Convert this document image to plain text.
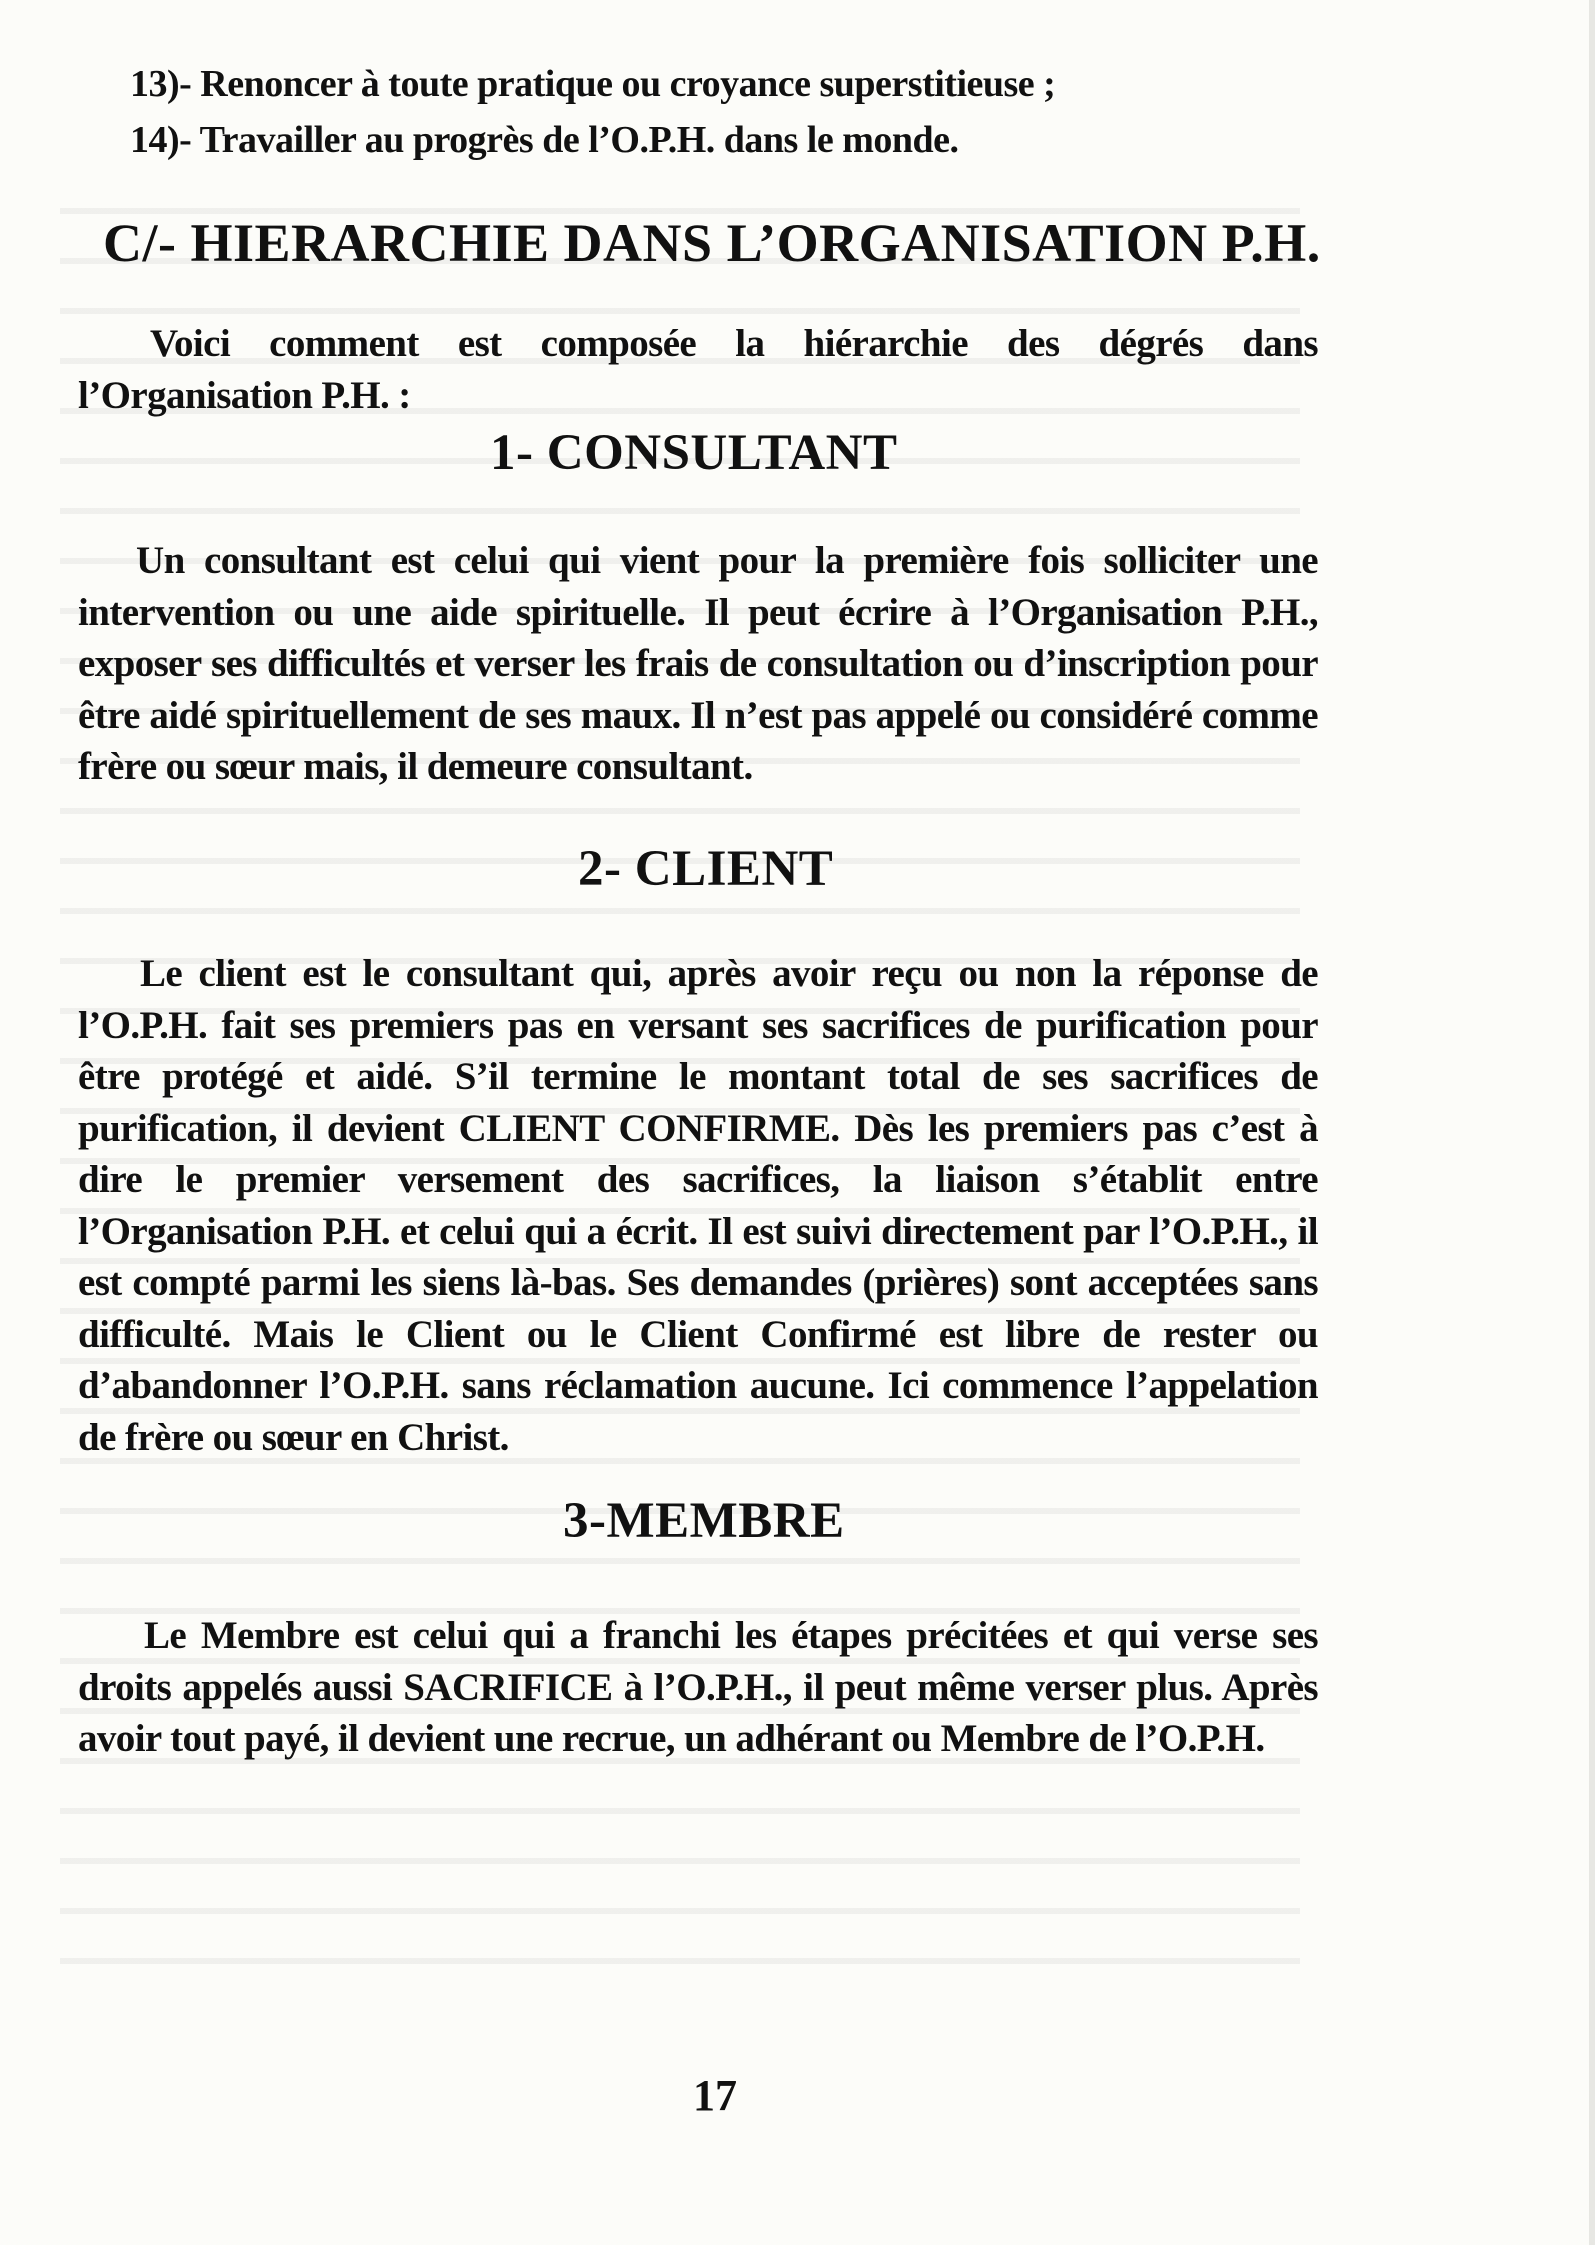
13)- Renoncer à toute pratique ou croyance superstitieuse ;
14)- Travailler au progrès de l’O.P.H. dans le monde.
C/- HIERARCHIE DANS L’ORGANISATION P.H.

Voici comment est composée la hiérarchie des dégrés dans l’Organisation P.H. :

1- CONSULTANT

Un consultant est celui qui vient pour la première fois solliciter une intervention ou une aide spirituelle. Il peut écrire à l’Organisation P.H., exposer ses difficultés et verser les frais de consultation ou d’inscription pour être aidé spirituellement de ses maux. Il n’est pas appelé ou considéré comme frère ou sœur mais, il demeure consultant.

2- CLIENT

Le client est le consultant qui, après avoir reçu ou non la réponse de l’O.P.H. fait ses premiers pas en versant ses sacrifices de purification pour être protégé et aidé. S’il termine le montant total de ses sacrifices de purification, il devient CLIENT CONFIRME. Dès les premiers pas c’est à dire le premier versement des sacrifices, la liaison s’établit entre l’Organisation P.H. et celui qui a écrit. Il est suivi directement par l’O.P.H., il est compté parmi les siens là-bas. Ses demandes (prières) sont acceptées sans difficulté. Mais le Client ou le Client Confirmé est libre de rester ou d’abandonner l’O.P.H. sans réclamation aucune. Ici commence l’appelation de frère ou sœur en Christ.

3-MEMBRE

Le Membre est celui qui a franchi les étapes précitées et qui verse ses droits appelés aussi SACRIFICE à l’O.P.H., il peut même verser plus. Après avoir tout payé, il devient une recrue, un adhérant ou Membre de l’O.P.H.

17
